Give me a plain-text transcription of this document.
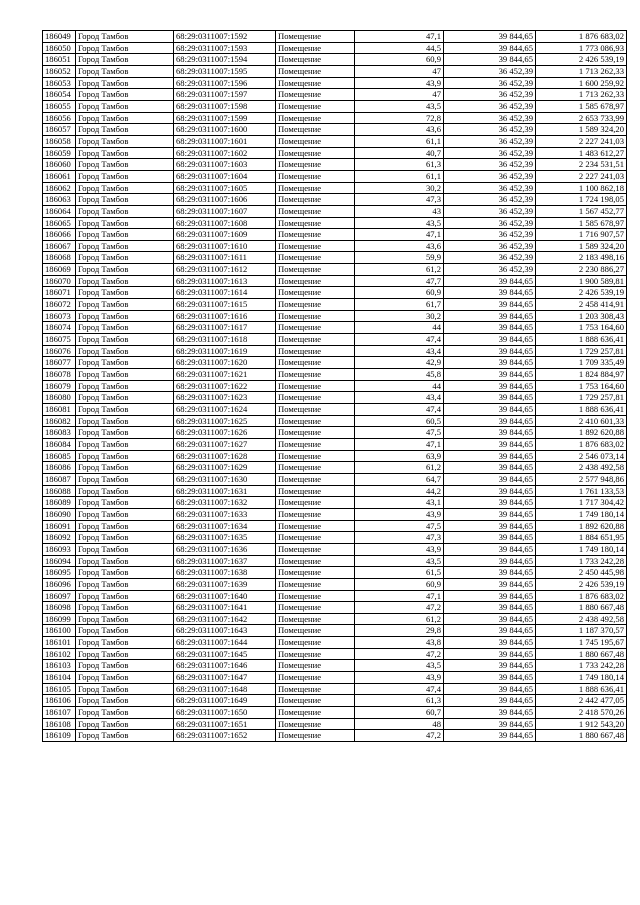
186049	Город Тамбов	68:29:0311007:1592	Помещение	47,1	39 844,65	1 876 683,02
186050	Город Тамбов	68:29:0311007:1593	Помещение	44,5	39 844,65	1 773 086,93
186051	Город Тамбов	68:29:0311007:1594	Помещение	60,9	39 844,65	2 426 539,19
186052	Город Тамбов	68:29:0311007:1595	Помещение	47	36 452,39	1 713 262,33
186053	Город Тамбов	68:29:0311007:1596	Помещение	43,9	36 452,39	1 600 259,92
186054	Город Тамбов	68:29:0311007:1597	Помещение	47	36 452,39	1 713 262,33
186055	Город Тамбов	68:29:0311007:1598	Помещение	43,5	36 452,39	1 585 678,97
186056	Город Тамбов	68:29:0311007:1599	Помещение	72,8	36 452,39	2 653 733,99
186057	Город Тамбов	68:29:0311007:1600	Помещение	43,6	36 452,39	1 589 324,20
186058	Город Тамбов	68:29:0311007:1601	Помещение	61,1	36 452,39	2 227 241,03
186059	Город Тамбов	68:29:0311007:1602	Помещение	40,7	36 452,39	1 483 612,27
186060	Город Тамбов	68:29:0311007:1603	Помещение	61,3	36 452,39	2 234 531,51
186061	Город Тамбов	68:29:0311007:1604	Помещение	61,1	36 452,39	2 227 241,03
186062	Город Тамбов	68:29:0311007:1605	Помещение	30,2	36 452,39	1 100 862,18
186063	Город Тамбов	68:29:0311007:1606	Помещение	47,3	36 452,39	1 724 198,05
186064	Город Тамбов	68:29:0311007:1607	Помещение	43	36 452,39	1 567 452,77
186065	Город Тамбов	68:29:0311007:1608	Помещение	43,5	36 452,39	1 585 678,97
186066	Город Тамбов	68:29:0311007:1609	Помещение	47,1	36 452,39	1 716 907,57
186067	Город Тамбов	68:29:0311007:1610	Помещение	43,6	36 452,39	1 589 324,20
186068	Город Тамбов	68:29:0311007:1611	Помещение	59,9	36 452,39	2 183 498,16
186069	Город Тамбов	68:29:0311007:1612	Помещение	61,2	36 452,39	2 230 886,27
186070	Город Тамбов	68:29:0311007:1613	Помещение	47,7	39 844,65	1 900 589,81
186071	Город Тамбов	68:29:0311007:1614	Помещение	60,9	39 844,65	2 426 539,19
186072	Город Тамбов	68:29:0311007:1615	Помещение	61,7	39 844,65	2 458 414,91
186073	Город Тамбов	68:29:0311007:1616	Помещение	30,2	39 844,65	1 203 308,43
186074	Город Тамбов	68:29:0311007:1617	Помещение	44	39 844,65	1 753 164,60
186075	Город Тамбов	68:29:0311007:1618	Помещение	47,4	39 844,65	1 888 636,41
186076	Город Тамбов	68:29:0311007:1619	Помещение	43,4	39 844,65	1 729 257,81
186077	Город Тамбов	68:29:0311007:1620	Помещение	42,9	39 844,65	1 709 335,49
186078	Город Тамбов	68:29:0311007:1621	Помещение	45,8	39 844,65	1 824 884,97
186079	Город Тамбов	68:29:0311007:1622	Помещение	44	39 844,65	1 753 164,60
186080	Город Тамбов	68:29:0311007:1623	Помещение	43,4	39 844,65	1 729 257,81
186081	Город Тамбов	68:29:0311007:1624	Помещение	47,4	39 844,65	1 888 636,41
186082	Город Тамбов	68:29:0311007:1625	Помещение	60,5	39 844,65	2 410 601,33
186083	Город Тамбов	68:29:0311007:1626	Помещение	47,5	39 844,65	1 892 620,88
186084	Город Тамбов	68:29:0311007:1627	Помещение	47,1	39 844,65	1 876 683,02
186085	Город Тамбов	68:29:0311007:1628	Помещение	63,9	39 844,65	2 546 073,14
186086	Город Тамбов	68:29:0311007:1629	Помещение	61,2	39 844,65	2 438 492,58
186087	Город Тамбов	68:29:0311007:1630	Помещение	64,7	39 844,65	2 577 948,86
186088	Город Тамбов	68:29:0311007:1631	Помещение	44,2	39 844,65	1 761 133,53
186089	Город Тамбов	68:29:0311007:1632	Помещение	43,1	39 844,65	1 717 304,42
186090	Город Тамбов	68:29:0311007:1633	Помещение	43,9	39 844,65	1 749 180,14
186091	Город Тамбов	68:29:0311007:1634	Помещение	47,5	39 844,65	1 892 620,88
186092	Город Тамбов	68:29:0311007:1635	Помещение	47,3	39 844,65	1 884 651,95
186093	Город Тамбов	68:29:0311007:1636	Помещение	43,9	39 844,65	1 749 180,14
186094	Город Тамбов	68:29:0311007:1637	Помещение	43,5	39 844,65	1 733 242,28
186095	Город Тамбов	68:29:0311007:1638	Помещение	61,5	39 844,65	2 450 445,98
186096	Город Тамбов	68:29:0311007:1639	Помещение	60,9	39 844,65	2 426 539,19
186097	Город Тамбов	68:29:0311007:1640	Помещение	47,1	39 844,65	1 876 683,02
186098	Город Тамбов	68:29:0311007:1641	Помещение	47,2	39 844,65	1 880 667,48
186099	Город Тамбов	68:29:0311007:1642	Помещение	61,2	39 844,65	2 438 492,58
186100	Город Тамбов	68:29:0311007:1643	Помещение	29,8	39 844,65	1 187 370,57
186101	Город Тамбов	68:29:0311007:1644	Помещение	43,8	39 844,65	1 745 195,67
186102	Город Тамбов	68:29:0311007:1645	Помещение	47,2	39 844,65	1 880 667,48
186103	Город Тамбов	68:29:0311007:1646	Помещение	43,5	39 844,65	1 733 242,28
186104	Город Тамбов	68:29:0311007:1647	Помещение	43,9	39 844,65	1 749 180,14
186105	Город Тамбов	68:29:0311007:1648	Помещение	47,4	39 844,65	1 888 636,41
186106	Город Тамбов	68:29:0311007:1649	Помещение	61,3	39 844,65	2 442 477,05
186107	Город Тамбов	68:29:0311007:1650	Помещение	60,7	39 844,65	2 418 570,26
186108	Город Тамбов	68:29:0311007:1651	Помещение	48	39 844,65	1 912 543,20
186109	Город Тамбов	68:29:0311007:1652	Помещение	47,2	39 844,65	1 880 667,48
